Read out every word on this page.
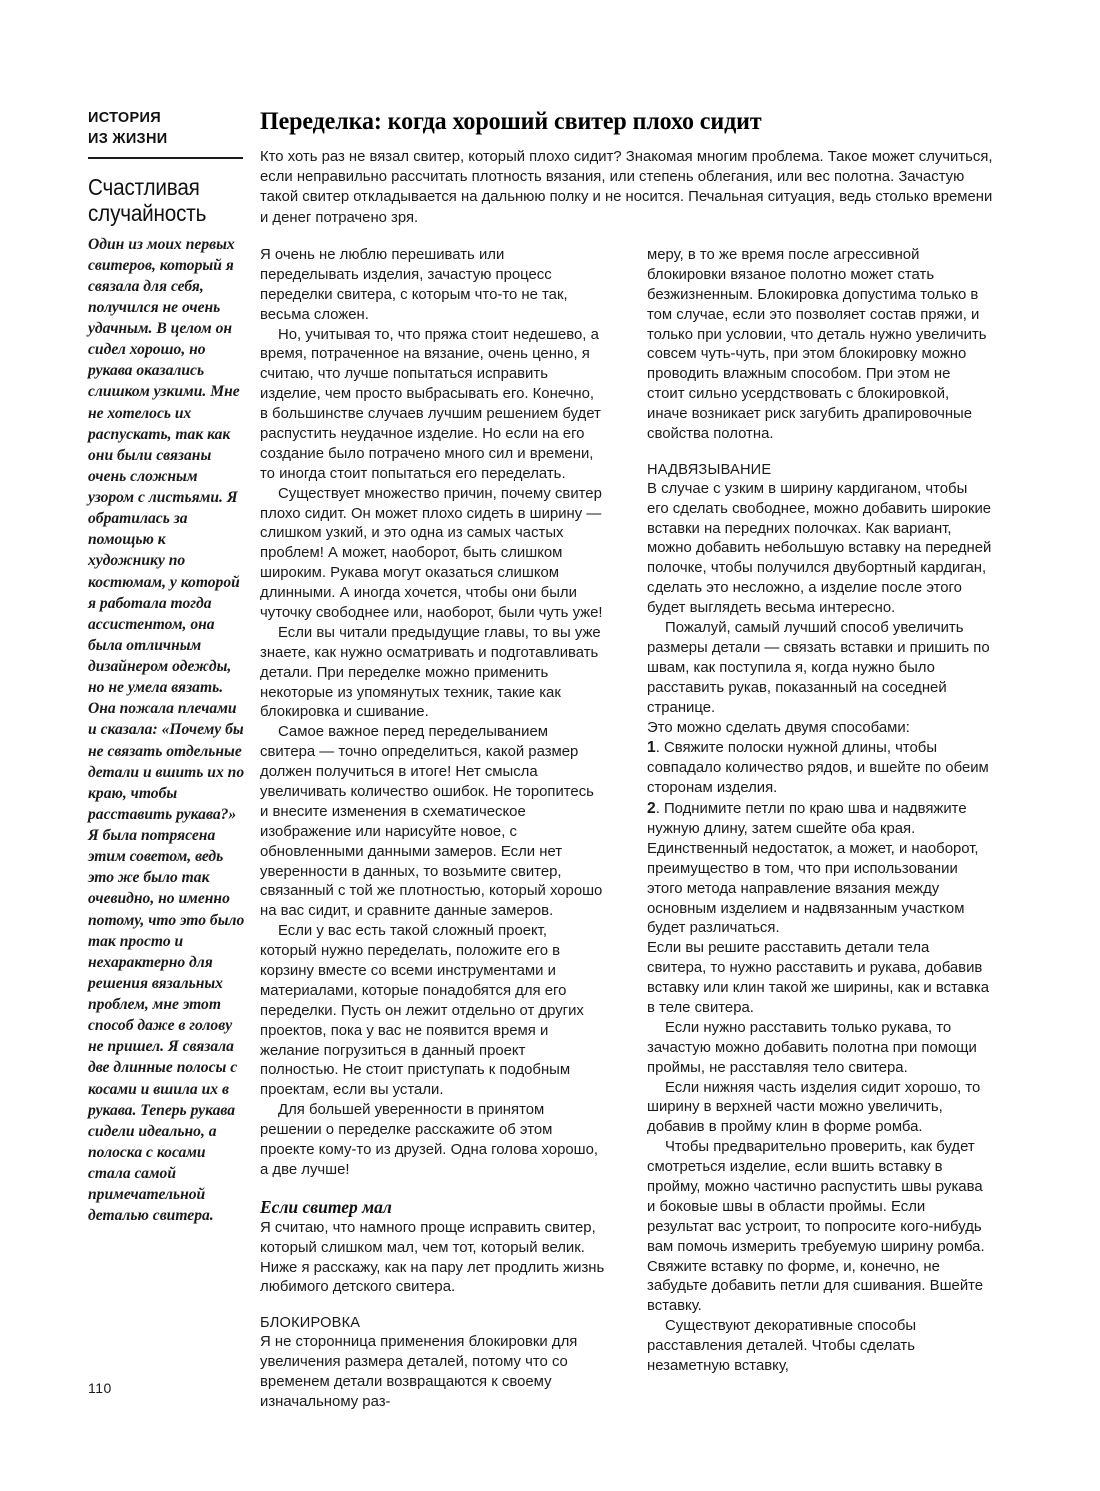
ИСТОРИЯ
ИЗ ЖИЗНИ
Счастливая
случайность

Один из моих первых свитеров, который я связала для себя, получился не очень удачным. В целом он сидел хорошо, но рукава оказались слишком узкими. Мне не хотелось их распускать, так как они были связаны очень сложным узором с листьями. Я обратилась за помощью к художнику по костюмам, у которой я работала тогда ассистентом, она была отличным дизайнером одежды, но не умела вязать. Она пожала плечами и сказала: «Почему бы не связать отдельные детали и вшить их по краю, чтобы расставить рукава?» Я была потрясена этим советом, ведь это же было так очевидно, но именно потому, что это было так просто и нехарактерно для решения вязальных проблем, мне этот способ даже в голову не пришел. Я связала две длинные полосы с косами и вшила их в рукава. Теперь рукава сидели идеально, а полоска с косами стала самой примечательной деталью свитера.

110
Переделка: когда хороший свитер плохо сидит

Кто хоть раз не вязал свитер, который плохо сидит? Знакомая многим проблема. Такое может случиться, если неправильно рассчитать плотность вязания, или степень облегания, или вес полотна. Зачастую такой свитер откладывается на дальнюю полку и не носится. Печальная ситуация, ведь столько времени и денег потрачено зря.

Я очень не люблю перешивать или переделывать изделия, зачастую процесс переделки свитера, с которым что-то не так, весьма сложен.

Но, учитывая то, что пряжа стоит недешево, а время, потраченное на вязание, очень ценно, я считаю, что лучше попытаться исправить изделие, чем просто выбрасывать его. Конечно, в большинстве случаев лучшим решением будет распустить неудачное изделие. Но если на его создание было потрачено много сил и времени, то иногда стоит попытаться его переделать.

Существует множество причин, почему свитер плохо сидит. Он может плохо сидеть в ширину — слишком узкий, и это одна из самых частых проблем! А может, наоборот, быть слишком широким. Рукава могут оказаться слишком длинными. А иногда хочется, чтобы они были чуточку свободнее или, наоборот, были чуть уже!

Если вы читали предыдущие главы, то вы уже знаете, как нужно осматривать и подготавливать детали. При переделке можно применить некоторые из упомянутых техник, такие как блокировка и сшивание.

Самое важное перед переделыванием свитера — точно определиться, какой размер должен получиться в итоге! Нет смысла увеличивать количество ошибок. Не торопитесь и внесите изменения в схематическое изображение или нарисуйте новое, с обновленными данными замеров. Если нет уверенности в данных, то возьмите свитер, связанный с той же плотностью, который хорошо на вас сидит, и сравните данные замеров.

Если у вас есть такой сложный проект, который нужно переделать, положите его в корзину вместе со всеми инструментами и материалами, которые понадобятся для его переделки. Пусть он лежит отдельно от других проектов, пока у вас не появится время и желание погрузиться в данный проект полностью. Не стоит приступать к подобным проектам, если вы устали.

Для большей уверенности в принятом решении о переделке расскажите об этом проекте кому-то из друзей. Одна голова хорошо, а две лучше!

Если свитер мал

Я считаю, что намного проще исправить свитер, который слишком мал, чем тот, который велик. Ниже я расскажу, как на пару лет продлить жизнь любимого детского свитера.

БЛОКИРОВКА

Я не сторонница применения блокировки для увеличения размера деталей, потому что со временем детали возвращаются к своему изначальному раз-

меру, в то же время после агрессивной блокировки вязаное полотно может стать безжизненным. Блокировка допустима только в том случае, если это позволяет состав пряжи, и только при условии, что деталь нужно увеличить совсем чуть-чуть, при этом блокировку можно проводить влажным способом. При этом не стоит сильно усердствовать с блокировкой, иначе возникает риск загубить драпировочные свойства полотна.

НАДВЯЗЫВАНИЕ

В случае с узким в ширину кардиганом, чтобы его сделать свободнее, можно добавить широкие вставки на передних полочках. Как вариант, можно добавить небольшую вставку на передней полочке, чтобы получился двубортный кардиган, сделать это несложно, а изделие после этого будет выглядеть весьма интересно.

Пожалуй, самый лучший способ увеличить размеры детали — связать вставки и пришить по швам, как поступила я, когда нужно было расставить рукав, показанный на соседней странице.

Это можно сделать двумя способами:

1. Свяжите полоски нужной длины, чтобы совпадало количество рядов, и вшейте по обеим сторонам изделия.

2. Поднимите петли по краю шва и надвяжите нужную длину, затем сшейте оба края. Единственный недостаток, а может, и наоборот, преимущество в том, что при использовании этого метода направление вязания между основным изделием и надвязанным участком будет различаться.

Если вы решите расставить детали тела свитера, то нужно расставить и рукава, добавив вставку или клин такой же ширины, как и вставка в теле свитера.

Если нужно расставить только рукава, то зачастую можно добавить полотна при помощи проймы, не расставляя тело свитера.

Если нижняя часть изделия сидит хорошо, то ширину в верхней части можно увеличить, добавив в пройму клин в форме ромба.

Чтобы предварительно проверить, как будет смотреться изделие, если вшить вставку в пройму, можно частично распустить швы рукава и боковые швы в области проймы. Если результат вас устроит, то попросите кого-нибудь вам помочь измерить требуемую ширину ромба. Свяжите вставку по форме, и, конечно, не забудьте добавить петли для сшивания. Вшейте вставку.

Существуют декоративные способы расставления деталей. Чтобы сделать незаметную вставку,
